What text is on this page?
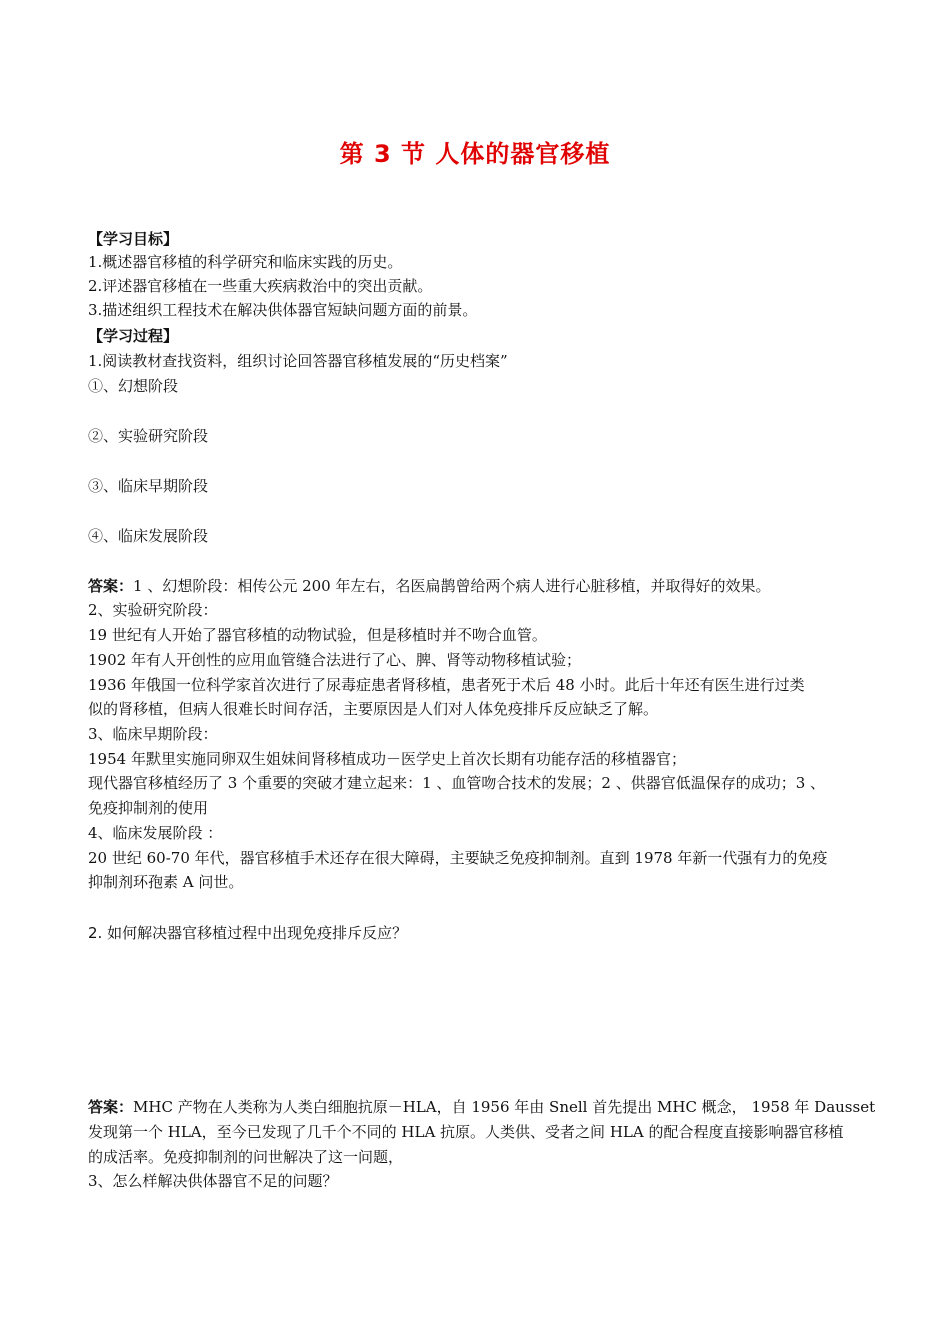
第 3 节 人体的器官移植
【学习目标】
1.概述器官移植的科学研究和临床实践的历史。
2.评述器官移植在一些重大疾病救治中的突出贡献。
3.描述组织工程技术在解决供体器官短缺问题方面的前景。
【学习过程】
1.阅读教材查找资料，组织讨论回答器官移植发展的“历史档案”
①、幻想阶段
②、实验研究阶段
③、临床早期阶段
④、临床发展阶段
答案：1 、幻想阶段：相传公元 200 年左右，名医扁鹊曾给两个病人进行心脏移植，并取得好的效果。
2、实验研究阶段：
19 世纪有人开始了器官移植的动物试验，但是移植时并不吻合血管。
1902 年有人开创性的应用血管缝合法进行了心、脾、肾等动物移植试验；
1936 年俄国一位科学家首次进行了尿毒症患者肾移植，患者死于术后 48 小时。此后十年还有医生进行过类
似的肾移植，但病人很难长时间存活，主要原因是人们对人体免疫排斥反应缺乏了解。
3、临床早期阶段：
1954 年默里实施同卵双生姐妹间肾移植成功－医学史上首次长期有功能存活的移植器官；
现代器官移植经历了 3 个重要的突破才建立起来：1 、血管吻合技术的发展；2 、供器官低温保存的成功；3 、
免疫抑制剂的使用
4、临床发展阶段 ：
20 世纪 60-70 年代，器官移植手术还存在很大障碍，主要缺乏免疫抑制剂。直到 1978 年新一代强有力的免疫
抑制剂环孢素 A 问世。
2. 如何解决器官移植过程中出现免疫排斥反应？
答案：MHC 产物在人类称为人类白细胞抗原－HLA，自 1956 年由 Snell 首先提出 MHC 概念， 1958 年 Dausset
发现第一个 HLA，至今已发现了几千个不同的 HLA 抗原。人类供、受者之间 HLA 的配合程度直接影响器官移植
的成活率。免疫抑制剂的问世解决了这一问题，
3、怎么样解决供体器官不足的问题？
